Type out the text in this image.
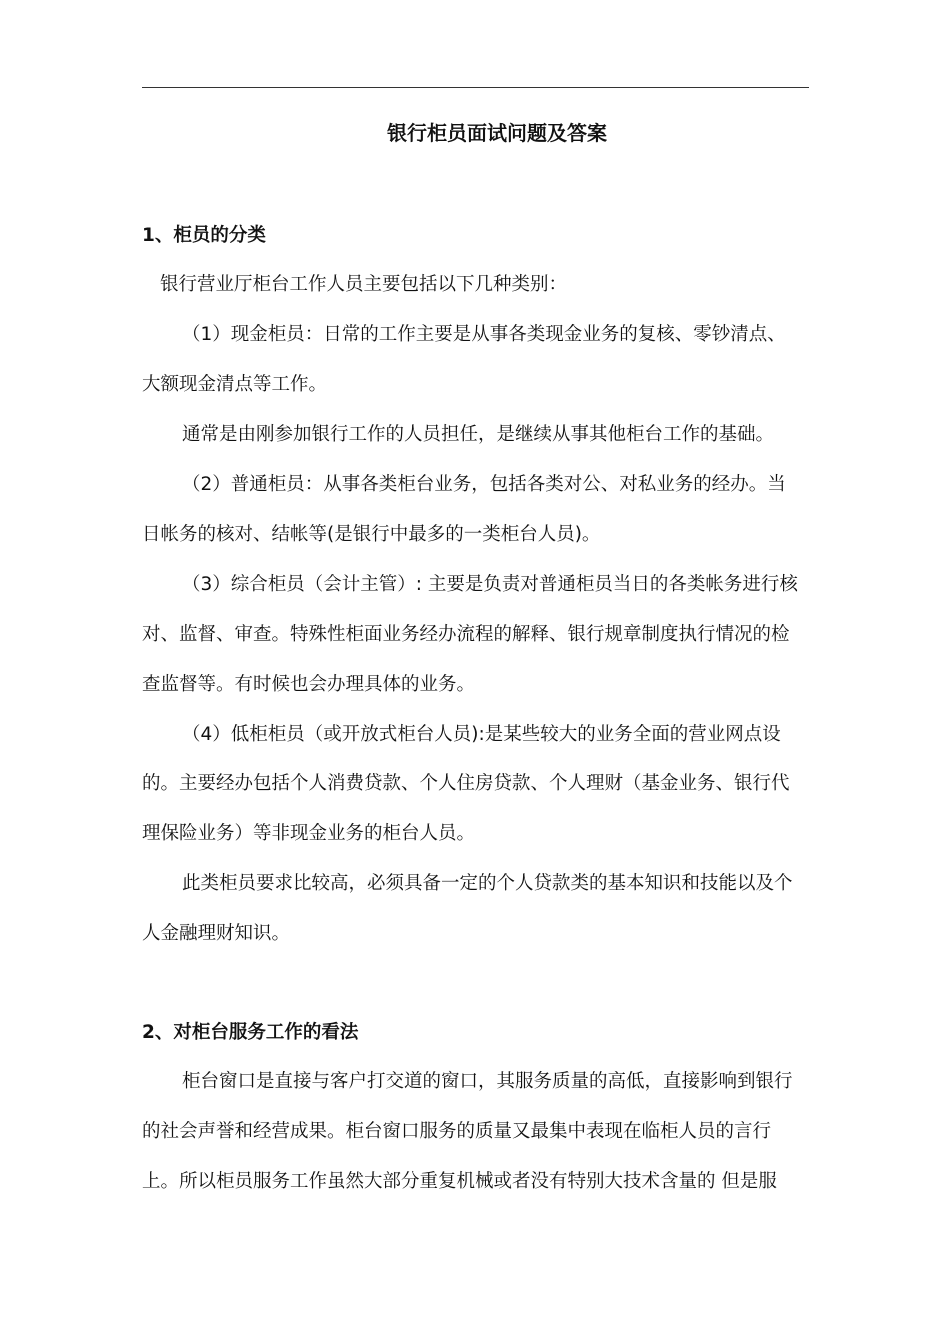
银行柜员面试问题及答案

1、柜员的分类

银行营业厅柜台工作人员主要包括以下几种类别：

（1）现金柜员：日常的工作主要是从事各类现金业务的复核、零钞清点、

大额现金清点等工作。

通常是由刚参加银行工作的人员担任，是继续从事其他柜台工作的基础。

（2）普通柜员：从事各类柜台业务，包括各类对公、对私业务的经办。当

日帐务的核对、结帐等(是银行中最多的一类柜台人员)。

（3）综合柜员（会计主管）: 主要是负责对普通柜员当日的各类帐务进行核

对、监督、审查。特殊性柜面业务经办流程的解释、银行规章制度执行情况的检

查监督等。有时候也会办理具体的业务。

（4）低柜柜员（或开放式柜台人员):是某些较大的业务全面的营业网点设

的。主要经办包括个人消费贷款、个人住房贷款、个人理财（基金业务、银行代

理保险业务）等非现金业务的柜台人员。

此类柜员要求比较高，必须具备一定的个人贷款类的基本知识和技能以及个

人金融理财知识。

2、对柜台服务工作的看法

柜台窗口是直接与客户打交道的窗口，其服务质量的高低，直接影响到银行

的社会声誉和经营成果。柜台窗口服务的质量又最集中表现在临柜人员的言行

上。所以柜员服务工作虽然大部分重复机械或者没有特别大技术含量的 但是服
